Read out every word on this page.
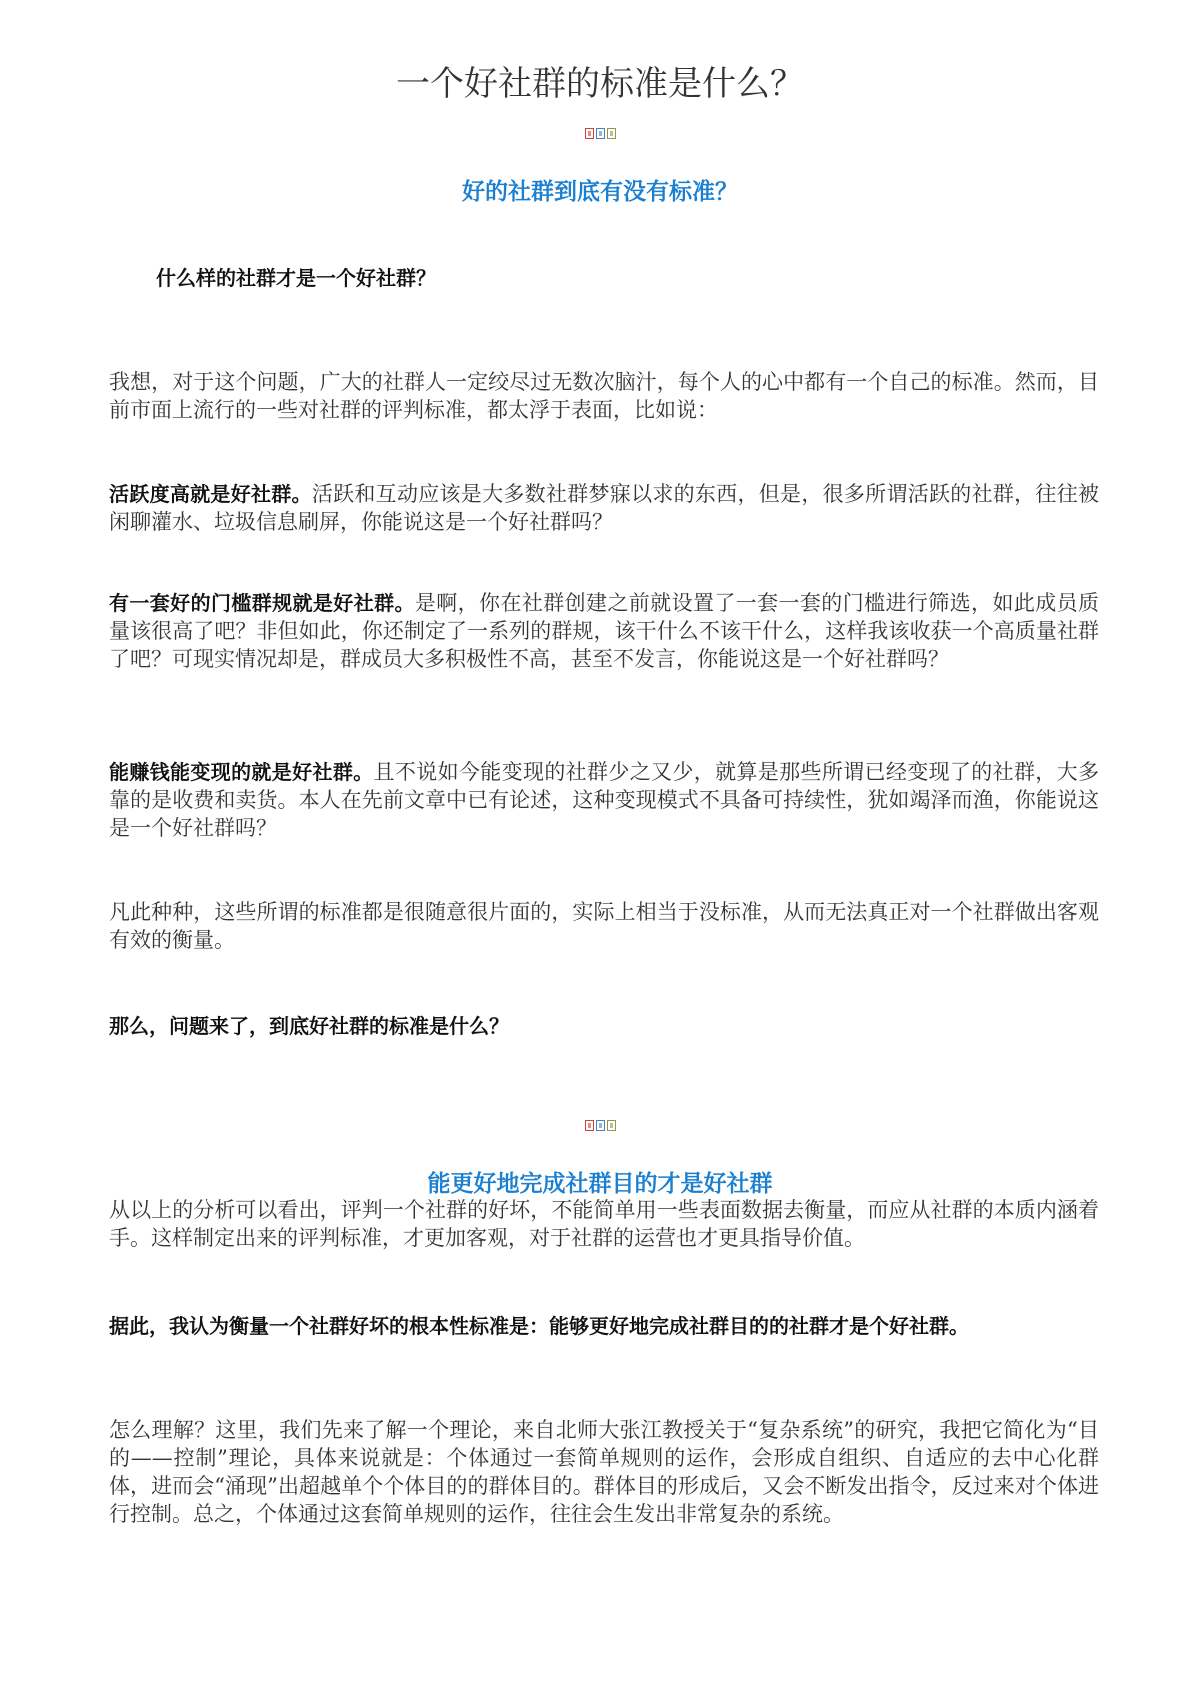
一个好社群的标准是什么？
好的社群到底有没有标准？
什么样的社群才是一个好社群？

我想，对于这个问题，广大的社群人一定绞尽过无数次脑汁，每个人的心中都有一个自己的标准。然而，目前市面上流行的一些对社群的评判标准，都太浮于表面，比如说：

活跃度高就是好社群。活跃和互动应该是大多数社群梦寐以求的东西，但是，很多所谓活跃的社群，往往被闲聊灌水、垃圾信息刷屏，你能说这是一个好社群吗？

有一套好的门槛群规就是好社群。是啊，你在社群创建之前就设置了一套一套的门槛进行筛选，如此成员质量该很高了吧？非但如此，你还制定了一系列的群规，该干什么不该干什么，这样我该收获一个高质量社群了吧？可现实情况却是，群成员大多积极性不高，甚至不发言，你能说这是一个好社群吗？

能赚钱能变现的就是好社群。且不说如今能变现的社群少之又少，就算是那些所谓已经变现了的社群，大多靠的是收费和卖货。本人在先前文章中已有论述，这种变现模式不具备可持续性，犹如竭泽而渔，你能说这是一个好社群吗？

凡此种种，这些所谓的标准都是很随意很片面的，实际上相当于没标准，从而无法真正对一个社群做出客观有效的衡量。

那么，问题来了，到底好社群的标准是什么？

能更好地完成社群目的才是好社群

从以上的分析可以看出，评判一个社群的好坏，不能简单用一些表面数据去衡量，而应从社群的本质内涵着手。这样制定出来的评判标准，才更加客观，对于社群的运营也才更具指导价值。

据此，我认为衡量一个社群好坏的根本性标准是：能够更好地完成社群目的的社群才是个好社群。

怎么理解？这里，我们先来了解一个理论，来自北师大张江教授关于“复杂系统”的研究，我把它简化为“目的——控制”理论，具体来说就是：个体通过一套简单规则的运作，会形成自组织、自适应的去中心化群体，进而会“涌现”出超越单个个体目的的群体目的。群体目的形成后，又会不断发出指令，反过来对个体进行控制。总之，个体通过这套简单规则的运作，往往会生发出非常复杂的系统。
